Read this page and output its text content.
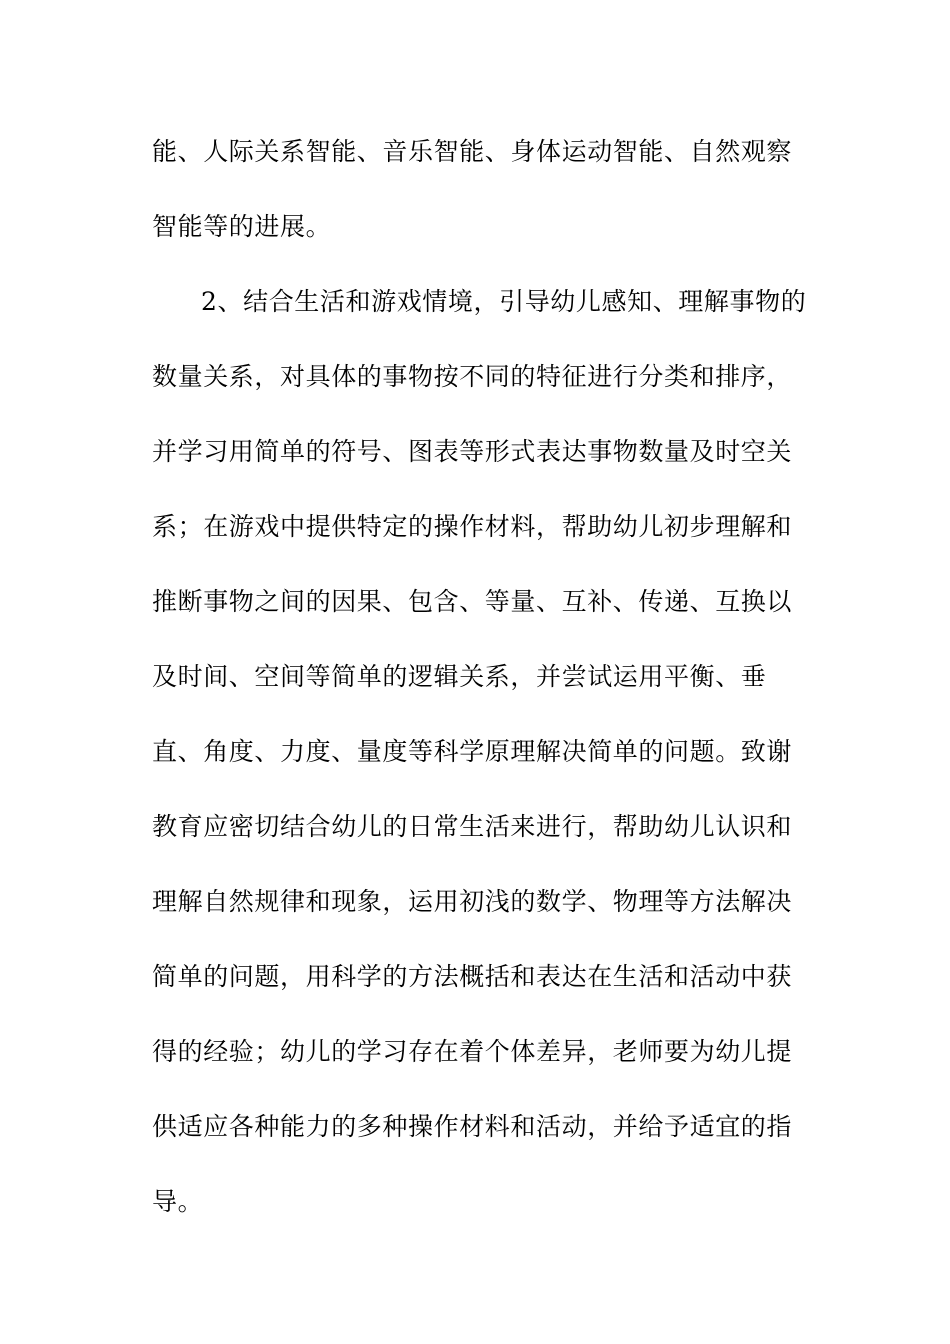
能、人际关系智能、音乐智能、身体运动智能、自然观察
智能等的进展。
2、结合生活和游戏情境，引导幼儿感知、理解事物的
数量关系，对具体的事物按不同的特征进行分类和排序，
并学习用简单的符号、图表等形式表达事物数量及时空关
系；在游戏中提供特定的操作材料，帮助幼儿初步理解和
推断事物之间的因果、包含、等量、互补、传递、互换以
及时间、空间等简单的逻辑关系，并尝试运用平衡、垂
直、角度、力度、量度等科学原理解决简单的问题。致谢
教育应密切结合幼儿的日常生活来进行，帮助幼儿认识和
理解自然规律和现象，运用初浅的数学、物理等方法解决
简单的问题，用科学的方法概括和表达在生活和活动中获
得的经验；幼儿的学习存在着个体差异，老师要为幼儿提
供适应各种能力的多种操作材料和活动，并给予适宜的指
导。
